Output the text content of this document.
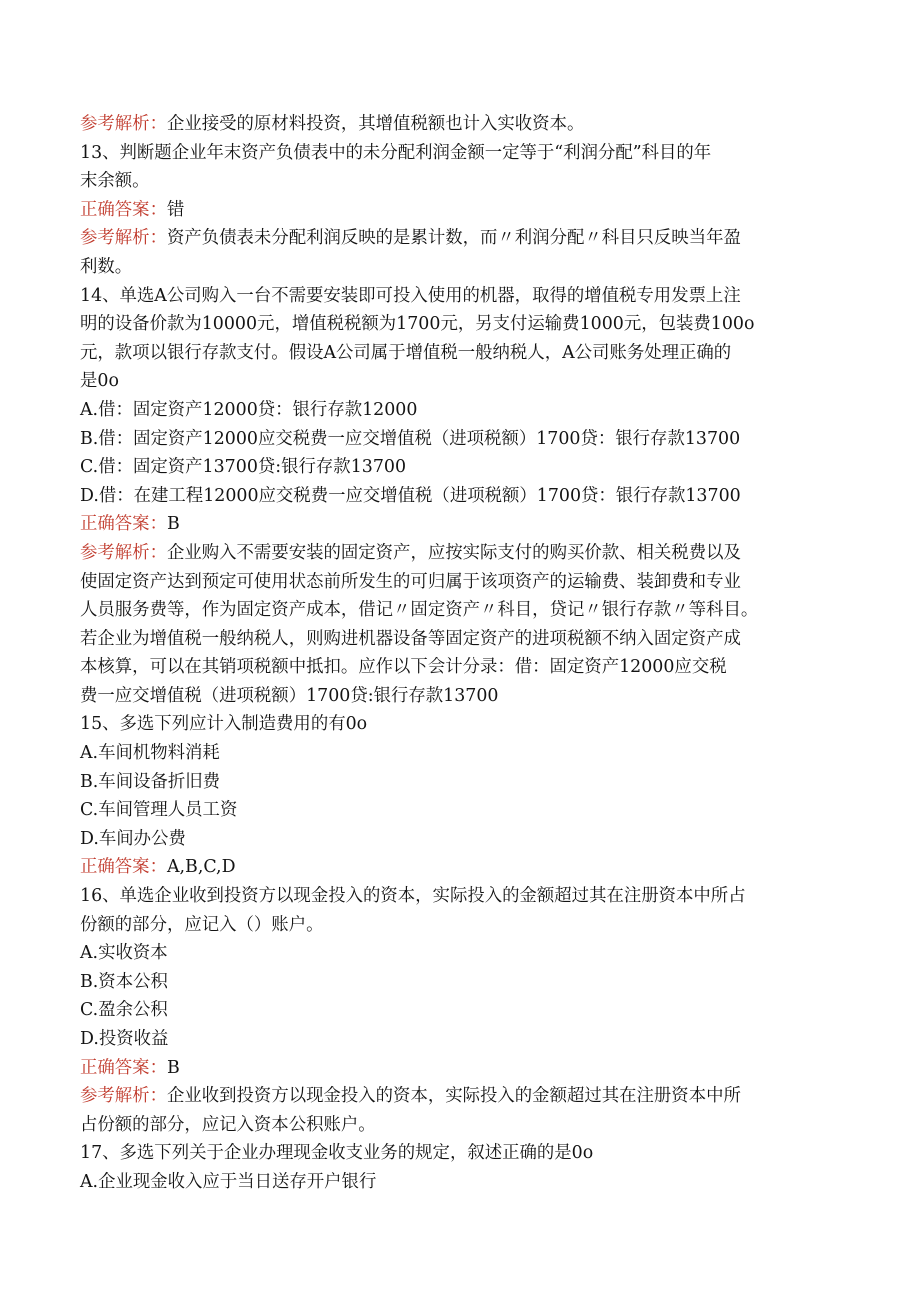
参考解析：企业接受的原材料投资，其增值税额也计入实收资本。
13、判断题企业年末资产负债表中的未分配利润金额一定等于“利润分配”科目的年
末余额。
正确答案：错
参考解析：资产负债表未分配利润反映的是累计数，而〃利润分配〃科目只反映当年盈
利数。
14、单选A公司购入一台不需要安装即可投入使用的机器，取得的增值税专用发票上注
明的设备价款为10000元，增值税税额为1700元，另支付运输费1000元，包装费100o
元，款项以银行存款支付。假设A公司属于增值税一般纳税人，A公司账务处理正确的
是0o
A.借：固定资产12000贷：银行存款12000
B.借：固定资产12000应交税费一应交增值税（进项税额）1700贷：银行存款13700
C.借：固定资产13700贷:银行存款13700
D.借：在建工程12000应交税费一应交增值税（进项税额）1700贷：银行存款13700
正确答案：B
参考解析：企业购入不需要安装的固定资产，应按实际支付的购买价款、相关税费以及
使固定资产达到预定可使用状态前所发生的可归属于该项资产的运输费、装卸费和专业
人员服务费等，作为固定资产成本，借记〃固定资产〃科目，贷记〃银行存款〃等科目。
若企业为增值税一般纳税人，则购进机器设备等固定资产的进项税额不纳入固定资产成
本核算，可以在其销项税额中抵扣。应作以下会计分录：借：固定资产12000应交税
费一应交增值税（进项税额）1700贷:银行存款13700
15、多选下列应计入制造费用的有0o
A.车间机物料消耗
B.车间设备折旧费
C.车间管理人员工资
D.车间办公费
正确答案：A,B,C,D
16、单选企业收到投资方以现金投入的资本，实际投入的金额超过其在注册资本中所占
份额的部分，应记入（）账户。
A.实收资本
B.资本公积
C.盈余公积
D.投资收益
正确答案：B
参考解析：企业收到投资方以现金投入的资本，实际投入的金额超过其在注册资本中所
占份额的部分，应记入资本公积账户。
17、多选下列关于企业办理现金收支业务的规定，叙述正确的是0o
A.企业现金收入应于当日送存开户银行
